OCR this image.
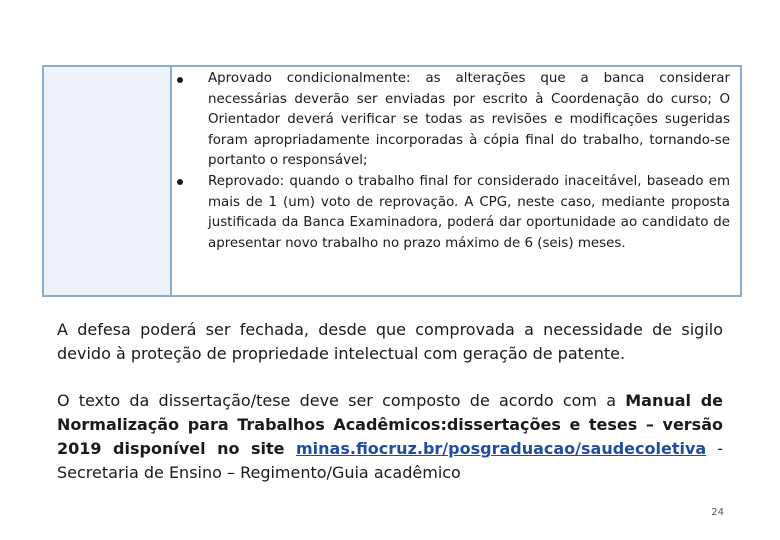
Aprovado condicionalmente: as alterações que a banca considerar necessárias deverão ser enviadas por escrito à Coordenação do curso; O Orientador deverá verificar se todas as revisões e modificações sugeridas foram apropriadamente incorporadas à cópia final do trabalho, tornando‑se portanto o responsável;
Reprovado: quando o trabalho final for considerado inaceitável, baseado em mais de 1 (um) voto de reprovação. A CPG, neste caso, mediante proposta justificada da Banca Examinadora, poderá dar oportunidade ao candidato de apresentar novo trabalho no prazo máximo de 6 (seis) meses.
A defesa poderá ser fechada, desde que comprovada a necessidade de sigilo devido à proteção de propriedade intelectual com geração de patente.
O texto da dissertação/tese deve ser composto de acordo com a Manual de Normalização para Trabalhos Acadêmicos:dissertações e teses – versão 2019 disponível no site minas.fiocruz.br/posgraduacao/saudecoletiva - Secretaria de Ensino – Regimento/Guia acadêmico
24
